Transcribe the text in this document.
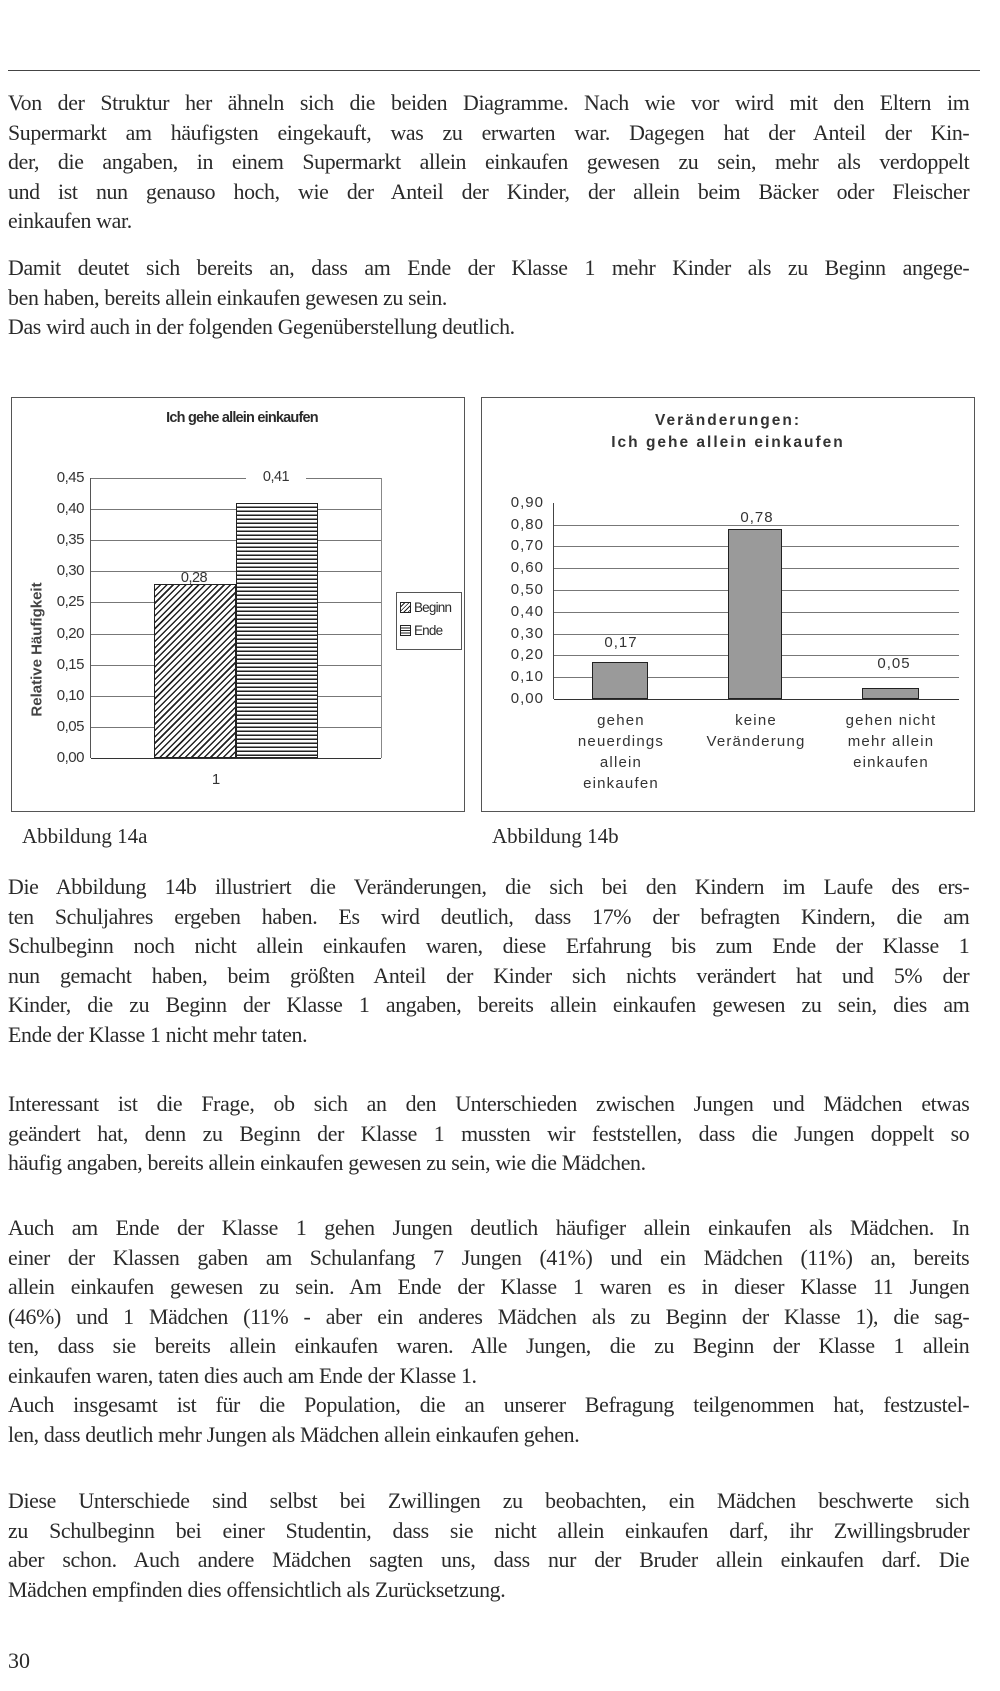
Von der Struktur her ähneln sich die beiden Diagramme. Nach wie vor wird mit den Eltern im
Supermarkt am häufigsten eingekauft, was zu erwarten war. Dagegen hat der Anteil der Kin-
der, die angaben, in einem Supermarkt allein einkaufen gewesen zu sein, mehr als verdoppelt
und ist nun genauso hoch, wie der Anteil der Kinder, der allein beim Bäcker oder Fleischer
einkaufen war.
Damit deutet sich bereits an, dass am Ende der Klasse 1 mehr Kinder als zu Beginn angege-
ben haben, bereits allein einkaufen gewesen zu sein.
Das wird auch in der folgenden Gegenüberstellung deutlich.
Ich gehe allein einkaufen
Relative Häufigkeit
0,28
0,41
0,45
0,40
0,35
0,30
0,25
0,20
0,15
0,10
0,05
0,00
1
Beginn
Ende
Veränderungen:
Ich gehe allein einkaufen
0,17
0,78
0,05
0,90
0,80
0,70
0,60
0,50
0,40
0,30
0,20
0,10
0,00
gehen
neuerdings
allein
einkaufen
keine
Veränderung
gehen nicht
mehr allein
einkaufen
Abbildung 14a	Abbildung 14b
Die Abbildung 14b illustriert die Veränderungen, die sich bei den Kindern im Laufe des ers-
ten Schuljahres ergeben haben. Es wird deutlich, dass 17% der befragten Kindern, die am
Schulbeginn noch nicht allein einkaufen waren, diese Erfahrung bis zum Ende der Klasse 1
nun gemacht haben, beim größten Anteil der Kinder sich nichts verändert hat und 5% der
Kinder, die zu Beginn der Klasse 1 angaben, bereits allein einkaufen gewesen zu sein, dies am
Ende der Klasse 1 nicht mehr taten.
Interessant ist die Frage, ob sich an den Unterschieden zwischen Jungen und Mädchen etwas
geändert hat, denn zu Beginn der Klasse 1 mussten wir feststellen, dass die Jungen doppelt so
häufig angaben, bereits allein einkaufen gewesen zu sein, wie die Mädchen.
Auch am Ende der Klasse 1 gehen Jungen deutlich häufiger allein einkaufen als Mädchen. In
einer der Klassen gaben am Schulanfang 7 Jungen (41%) und ein Mädchen (11%) an, bereits
allein einkaufen gewesen zu sein. Am Ende der Klasse 1 waren es in dieser Klasse 11 Jungen
(46%) und 1 Mädchen (11% - aber ein anderes Mädchen als zu Beginn der Klasse 1), die sag-
ten, dass sie bereits allein einkaufen waren. Alle Jungen, die zu Beginn der Klasse 1 allein
einkaufen waren, taten dies auch am Ende der Klasse 1.
Auch insgesamt ist für die Population, die an unserer Befragung teilgenommen hat, festzustel-
len, dass deutlich mehr Jungen als Mädchen allein einkaufen gehen.
Diese Unterschiede sind selbst bei Zwillingen zu beobachten, ein Mädchen beschwerte sich
zu Schulbeginn bei einer Studentin, dass sie nicht allein einkaufen darf, ihr Zwillingsbruder
aber schon. Auch andere Mädchen sagten uns, dass nur der Bruder allein einkaufen darf. Die
Mädchen empfinden dies offensichtlich als Zurücksetzung.
30
